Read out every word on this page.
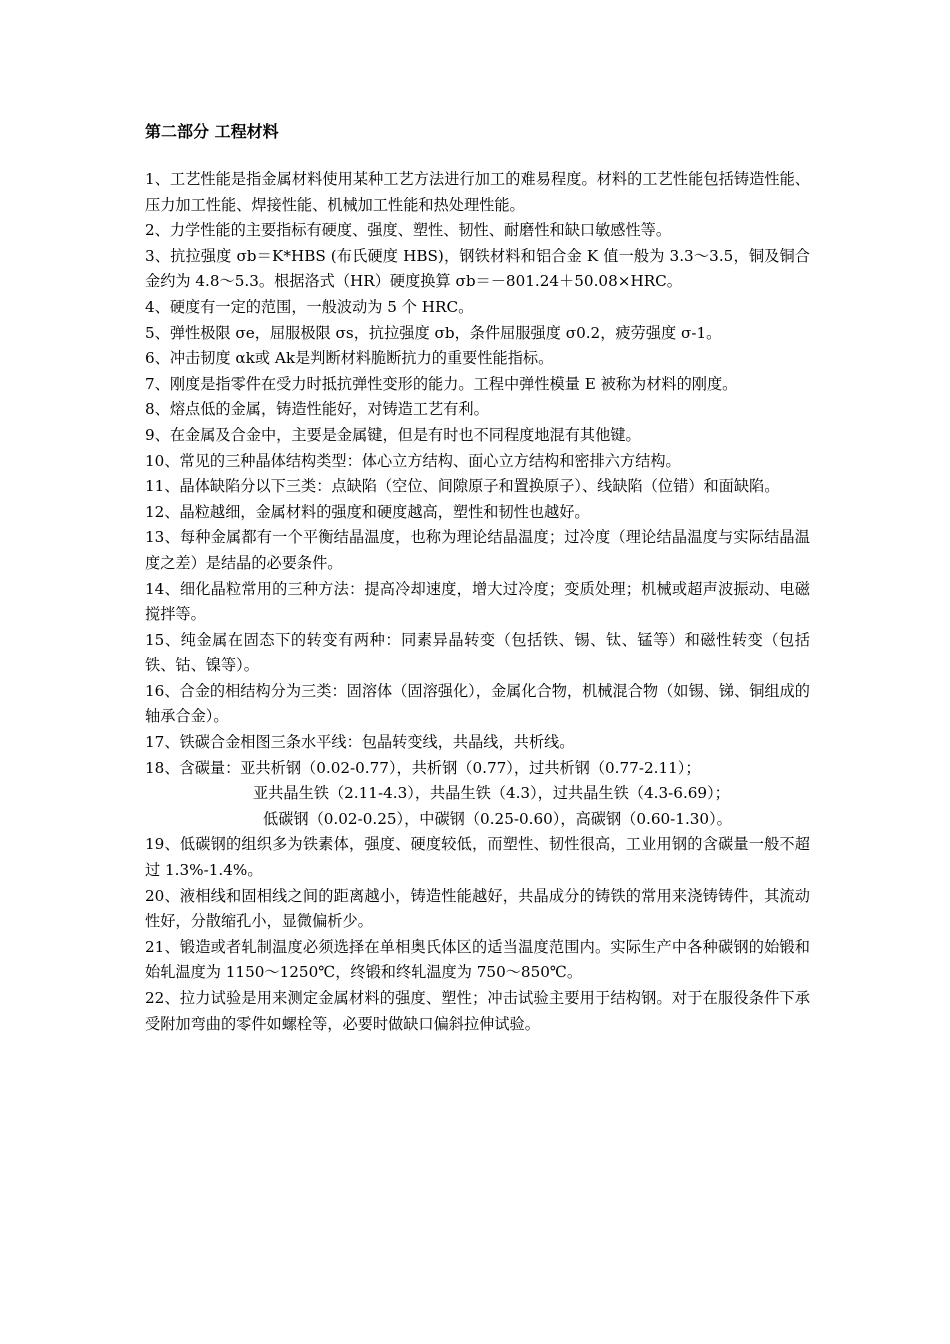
第二部分 工程材料

1、工艺性能是指金属材料使用某种工艺方法进行加工的难易程度。材料的工艺性能包括铸造性能、压力加工性能、焊接性能、机械加工性能和热处理性能。

2、力学性能的主要指标有硬度、强度、塑性、韧性、耐磨性和缺口敏感性等。

3、抗拉强度 σb＝K*HBS (布氏硬度 HBS)，钢铁材料和铝合金 K 值一般为 3.3～3.5，铜及铜合金约为 4.8～5.3。根据洛式（HR）硬度换算 σb＝－801.24＋50.08×HRC。

4、硬度有一定的范围，一般波动为 5 个 HRC。

5、弹性极限 σe，屈服极限 σs，抗拉强度 σb，条件屈服强度 σ0.2，疲劳强度 σ-1。

6、冲击韧度 αk或 Ak是判断材料脆断抗力的重要性能指标。

7、刚度是指零件在受力时抵抗弹性变形的能力。工程中弹性模量 E 被称为材料的刚度。

8、熔点低的金属，铸造性能好，对铸造工艺有利。

9、在金属及合金中，主要是金属键，但是有时也不同程度地混有其他键。

10、常见的三种晶体结构类型：体心立方结构、面心立方结构和密排六方结构。

11、晶体缺陷分以下三类：点缺陷（空位、间隙原子和置换原子）、线缺陷（位错）和面缺陷。

12、晶粒越细，金属材料的强度和硬度越高，塑性和韧性也越好。

13、每种金属都有一个平衡结晶温度，也称为理论结晶温度；过冷度（理论结晶温度与实际结晶温度之差）是结晶的必要条件。

14、细化晶粒常用的三种方法：提高冷却速度，增大过冷度；变质处理；机械或超声波振动、电磁搅拌等。

15、纯金属在固态下的转变有两种：同素异晶转变（包括铁、锡、钛、锰等）和磁性转变（包括铁、钴、镍等）。

16、合金的相结构分为三类：固溶体（固溶强化），金属化合物，机械混合物（如锡、锑、铜组成的轴承合金）。

17、铁碳合金相图三条水平线：包晶转变线，共晶线，共析线。

18、含碳量：亚共析钢（0.02-0.77），共析钢（0.77），过共析钢（0.77-2.11）；

亚共晶生铁（2.11-4.3），共晶生铁（4.3），过共晶生铁（4.3-6.69）；

低碳钢（0.02-0.25），中碳钢（0.25-0.60），高碳钢（0.60-1.30）。

19、低碳钢的组织多为铁素体，强度、硬度较低，而塑性、韧性很高，工业用钢的含碳量一般不超过 1.3%-1.4%。

20、液相线和固相线之间的距离越小，铸造性能越好，共晶成分的铸铁的常用来浇铸铸件，其流动性好，分散缩孔小，显微偏析少。

21、锻造或者轧制温度必须选择在单相奥氏体区的适当温度范围内。实际生产中各种碳钢的始锻和始轧温度为 1150～1250℃，终锻和终轧温度为 750～850℃。

22、拉力试验是用来测定金属材料的强度、塑性；冲击试验主要用于结构钢。对于在服役条件下承受附加弯曲的零件如螺栓等，必要时做缺口偏斜拉伸试验。
